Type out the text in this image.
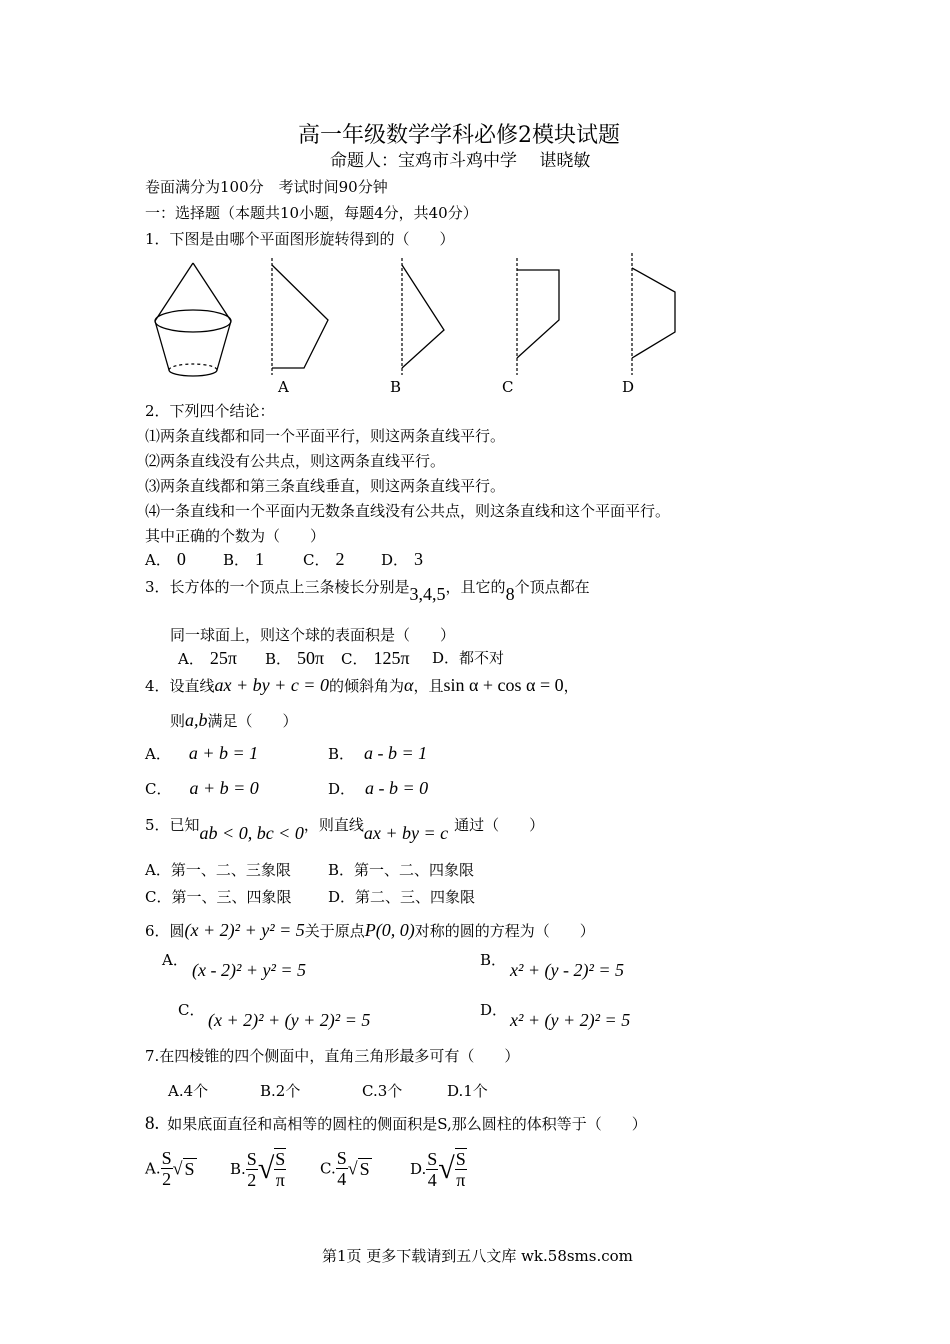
高一年级数学学科必修2模块试题
命题人：宝鸡市斗鸡中学　 谌晓敏
卷面满分为100分　考试时间90分钟
一：选择题（本题共10小题，每题4分，共40分）
1．下图是由哪个平面图形旋转得到的（　　）
A	B	C	D
2．下列四个结论：
⑴两条直线都和同一个平面平行，则这两条直线平行。
⑵两条直线没有公共点，则这两条直线平行。
⑶两条直线都和第三条直线垂直，则这两条直线平行。
⑷一条直线和一个平面内无数条直线没有公共点，则这条直线和这个平面平行。
其中正确的个数为（　　）
A． 0 B． 1	C． 2 D． 3
3．长方体的一个顶点上三条棱长分别是3,4,5，且它的8个顶点都在
同一球面上，则这个球的表面积是（　　）
A． 25π B． 50π C． 125π D．都不对
4．设直线ax + by + c = 0的倾斜角为α，且sin α + cos α = 0，
则a,b满足（　　）
A． a + b = 1	B． a - b = 1
C． a + b = 0	D． a - b = 0
5．已知ab < 0, bc < 0，则直线ax + by = c 通过（　　）
A．第一、二、三象限 B．第一、二、四象限
C．第一、三、四象限 D．第二、三、四象限
6．圆(x + 2)² + y² = 5关于原点P(0, 0)对称的圆的方程为（　　）
A． (x - 2)² + y² = 5	B． x² + (y - 2)² = 5
C． (x + 2)² + (y + 2)² = 5	D． x² + (y + 2)² = 5
7.在四棱锥的四个侧面中，直角三角形最多可有（　　）
A.4个	B.2个	C.3个	D.1个
8. 如果底面直径和高相等的圆柱的侧面积是S,那么圆柱的体积等于（　　）
A. $\frac{S}{2}$ √ S B. $\frac{S}{2}$ √ $\frac{S}{\pi} C$. $\frac{S}{4}$ √ S	D. $\frac{S}{4}$ √ $\frac{S}{\pi}$
第1页 更多下载请到五八文库 wk.58sms.com
